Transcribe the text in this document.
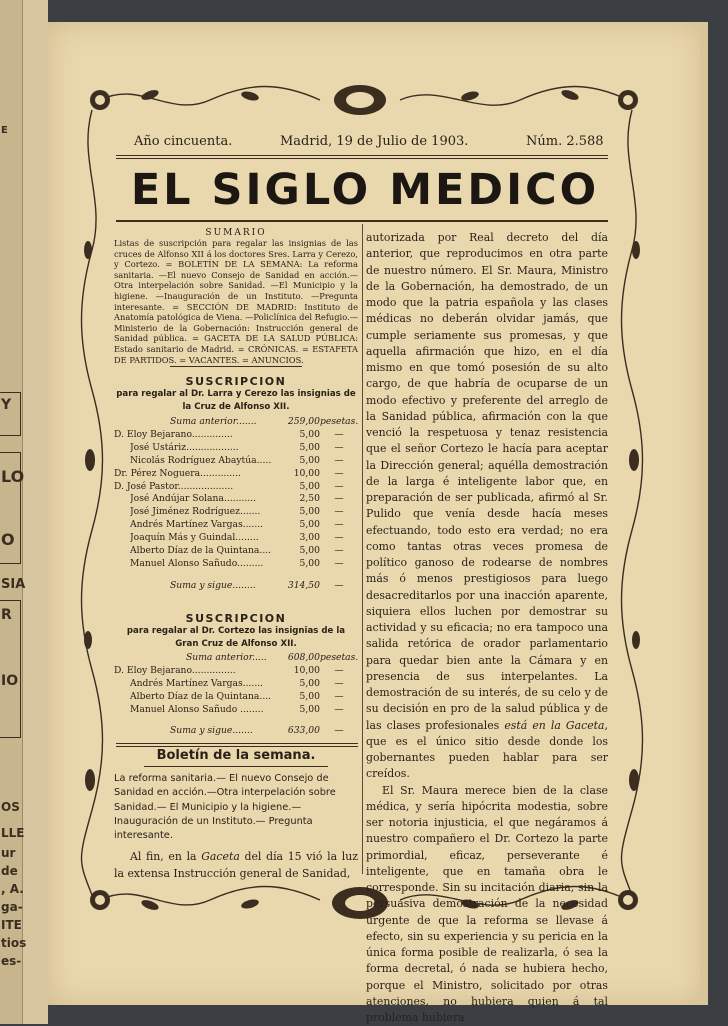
E
Y
LO
O
SIA
R
IO
OS
LLE
ur
de
, A.
ga-
ITE
tios
es-
Año cincuenta.	Madrid, 19 de Julio de 1903.	Núm. 2.588
EL SIGLO MEDICO

SUMARIO

Listas de suscripción para regalar las insignias de las cruces de Alfonso XII á los doctores Sres. Larra y Cerezo, y Cortezo. = BOLETÍN DE LA SEMANA: La reforma sanitaria. —El nuevo Consejo de Sanidad en acción.— Otra interpelación sobre Sanidad. —El Municipio y la higiene. —Inauguración de un Instituto. —Pregunta interesante. = SECCIÓN DE MADRID: Instituto de Anatomía patológica de Viena. —Policlínica del Refugio.— Ministerio de la Gobernación: Instrucción general de Sanidad pública. = GACETA DE LA SALUD PÚBLICA: Estado sanitario de Madrid. = CRÓNICAS. = ESTAFETA DE PARTIDOS. = VACANTES. = ANUNCIOS.

SUSCRIPCION

para regalar al Dr. Larra y Cerezo las insignias de la Cruz de Alfonso XII.

Suma anterior.......	259,00 pesetas.
D. Eloy Bejarano..............	5,00	—
José Ustáriz..................	5,00	—
Nicolás Rodríguez Abaytúa.....	5,00	—
Dr. Pérez Noguera..............	10,00	—
D. José Pastor...................	5,00	—
José Andújar Solana...........	2,50	—
José Jiménez Rodríguez.......	5,00	—
Andrés Martínez Vargas.......	5,00	—
Joaquín Más y Guindal........	3,00	—
Alberto Díaz de la Quintana....	5,00	—
Manuel Alonso Sañudo.........	5,00	—
Suma y sigue........	314,50	—

SUSCRIPCION

para regalar al Dr. Cortezo las insignias de la Gran Cruz de Alfonso XII.

Suma anterior.....	608,00 pesetas.
D. Eloy Bejarano...............	10,00	—
Andrés Martínez Vargas.......	5,00	—
Alberto Díaz de la Quintana....	5,00	—
Manuel Alonso Sañudo ........	5,00	—
Suma y sigue.......	633,00	—

Boletín de la semana.

La reforma sanitaria.— El nuevo Consejo de Sanidad en acción.—Otra interpelación sobre Sanidad.— El Municipio y la higiene.— Inauguración de un Instituto.— Pregunta interesante.

Al fin, en la Gaceta del día 15 vió la luz la extensa Instrucción general de Sanidad,

autorizada por Real decreto del día anterior, que reproducimos en otra parte de nuestro número. El Sr. Maura, Ministro de la Gobernación, ha demostrado, de un modo que la patria española y las clases médicas no deberán olvidar jamás, que cumple seriamente sus promesas, y que aquella afirmación que hizo, en el día mismo en que tomó posesión de su alto cargo, de que habría de ocuparse de un modo efectivo y preferente del arreglo de la Sanidad pública, afirmación con la que venció la respetuosa y tenaz resistencia que el señor Cortezo le hacía para aceptar la Dirección general; aquélla demostración de la larga é inteligente labor que, en preparación de ser publicada, afirmó al Sr. Pulido que venía desde hacía meses efectuando, todo esto era verdad; no era como tantas otras veces promesa de político ganoso de rodearse de nombres más ó menos prestigiosos para luego desacreditarlos por una inacción aparente, siquiera ellos luchen por demostrar su actividad y su eficacia; no era tampoco una salida retórica de orador parlamentario para quedar bien ante la Cámara y en presencia de sus interpelantes. La demostración de su interés, de su celo y de su decisión en pro de la salud pública y de las clases profesionales está en la Gaceta, que es el único sitio desde donde los gobernantes pueden hablar para ser creídos.

El Sr. Maura merece bien de la clase médica, y sería hipócrita modestia, sobre ser notoria injusticia, el que negáramos á nuestro compañero el Dr. Cortezo la parte primordial, eficaz, perseverante é inteligente, que en tamaña obra le corresponde. Sin su incitación diaria, sin la persuasiva demostración de la necesidad urgente de que la reforma se llevase á efecto, sin su experiencia y su pericia en la única forma posible de realizarla, ó sea la forma decretal, ó nada se hubiera hecho, porque el Ministro, solicitado por otras atenciones, no hubiera quien á tal problema hubiera
